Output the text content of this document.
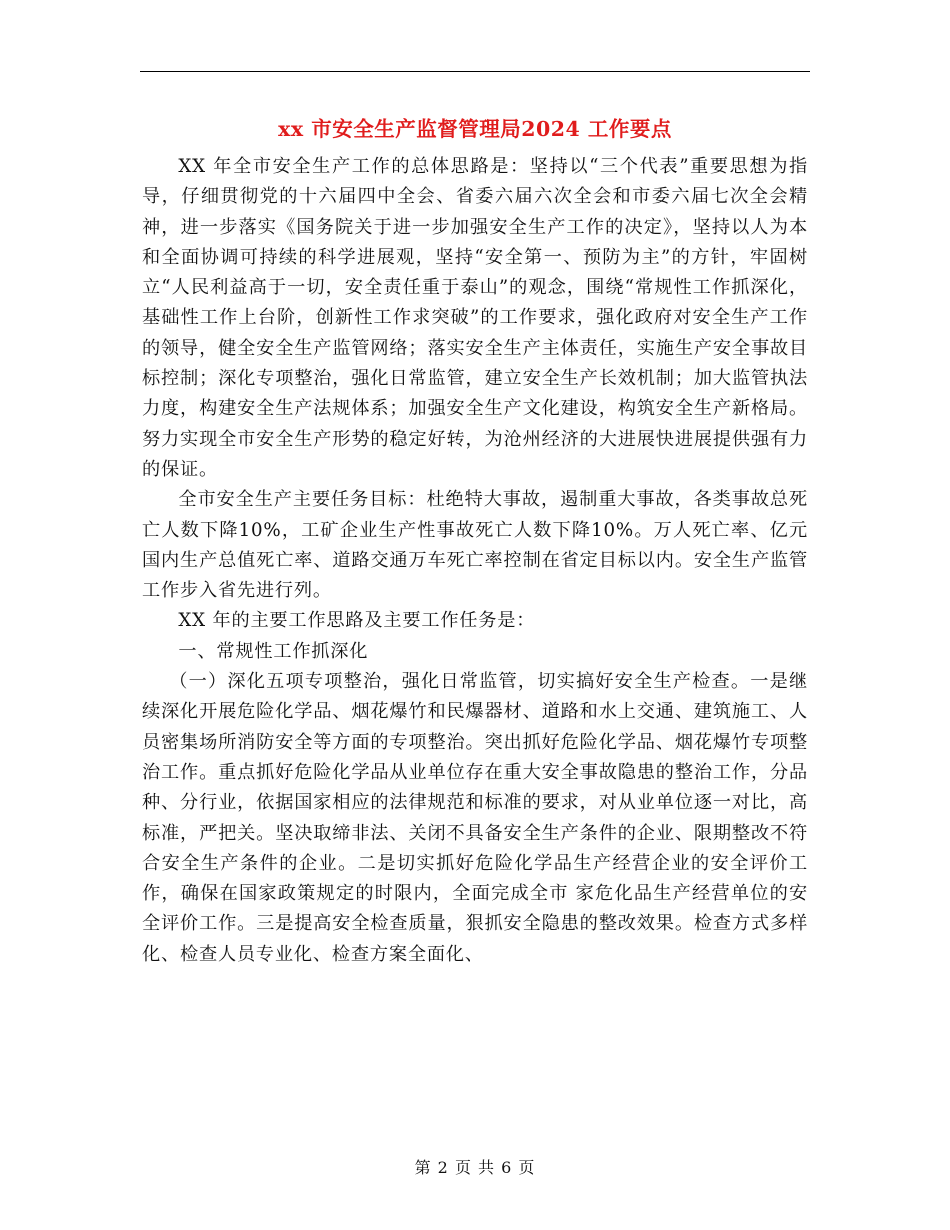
xx 市安全生产监督管理局2024 工作要点

XX 年全市安全生产工作的总体思路是：坚持以“三个代表”重要思想为指导，仔细贯彻党的十六届四中全会、省委六届六次全会和市委六届七次全会精神，进一步落实《国务院关于进一步加强安全生产工作的决定》，坚持以人为本和全面协调可持续的科学进展观，坚持“安全第一、预防为主”的方针，牢固树立“人民利益高于一切，安全责任重于泰山”的观念，围绕“常规性工作抓深化，基础性工作上台阶，创新性工作求突破”的工作要求，强化政府对安全生产工作的领导，健全安全生产监管网络；落实安全生产主体责任，实施生产安全事故目标控制；深化专项整治，强化日常监管，建立安全生产长效机制；加大监管执法力度，构建安全生产法规体系；加强安全生产文化建设，构筑安全生产新格局。努力实现全市安全生产形势的稳定好转，为沧州经济的大进展快进展提供强有力的保证。

全市安全生产主要任务目标：杜绝特大事故，遏制重大事故，各类事故总死亡人数下降10%，工矿企业生产性事故死亡人数下降10%。万人死亡率、亿元国内生产总值死亡率、道路交通万车死亡率控制在省定目标以内。安全生产监管工作步入省先进行列。

XX 年的主要工作思路及主要工作任务是：

一、常规性工作抓深化

（一）深化五项专项整治，强化日常监管，切实搞好安全生产检查。一是继续深化开展危险化学品、烟花爆竹和民爆器材、道路和水上交通、建筑施工、人员密集场所消防安全等方面的专项整治。突出抓好危险化学品、烟花爆竹专项整治工作。重点抓好危险化学品从业单位存在重大安全事故隐患的整治工作，分品种、分行业，依据国家相应的法律规范和标准的要求，对从业单位逐一对比，高标准，严把关。坚决取缔非法、关闭不具备安全生产条件的企业、限期整改不符合安全生产条件的企业。二是切实抓好危险化学品生产经营企业的安全评价工作，确保在国家政策规定的时限内，全面完成全市 家危化品生产经营单位的安全评价工作。三是提高安全检查质量，狠抓安全隐患的整改效果。检查方式多样化、检查人员专业化、检查方案全面化、

第 2 页 共 6 页
